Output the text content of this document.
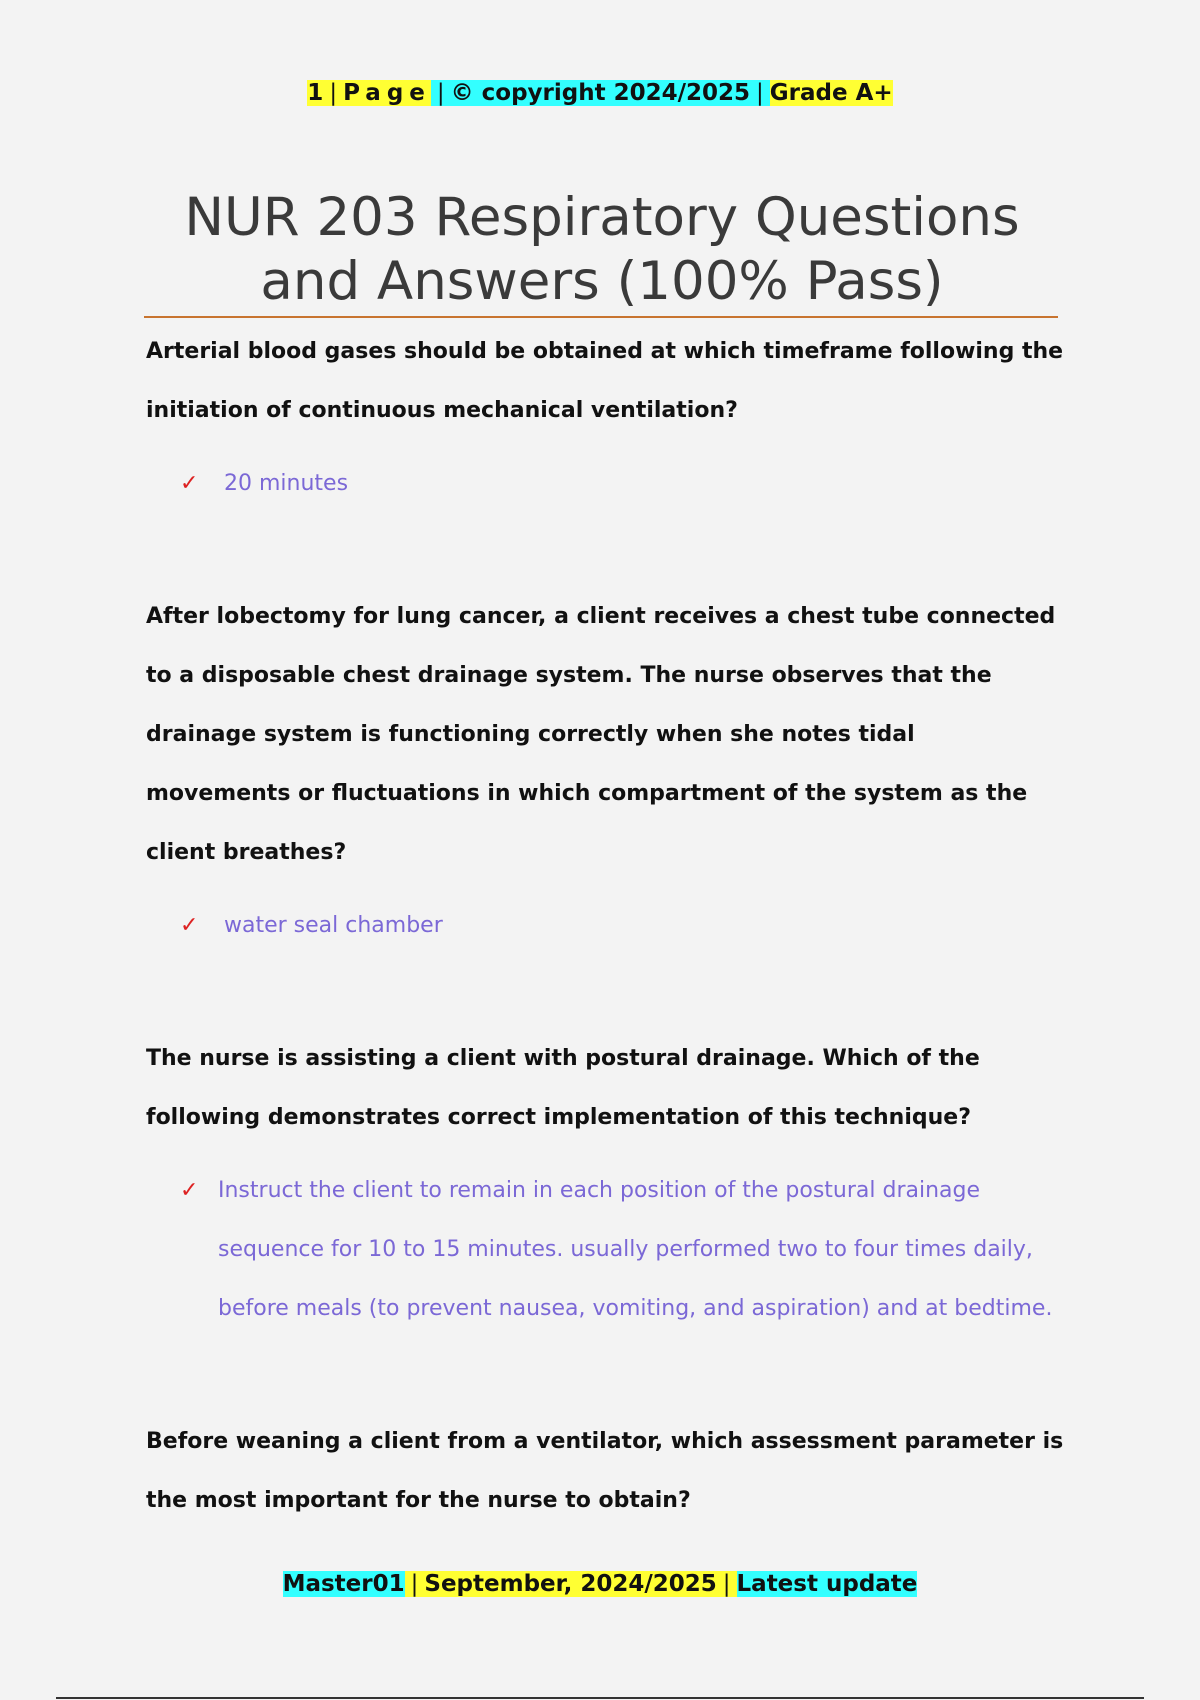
1 | Page | © copyright 2024/2025 | Grade A+
NUR 203 Respiratory Questions and Answers (100% Pass)

Arterial blood gases should be obtained at which timeframe following the initiation of continuous mechanical ventilation?

✓ 20 minutes

After lobectomy for lung cancer, a client receives a chest tube connected to a disposable chest drainage system. The nurse observes that the drainage system is functioning correctly when she notes tidal movements or fluctuations in which compartment of the system as the client breathes?

✓ water seal chamber

The nurse is assisting a client with postural drainage. Which of the following demonstrates correct implementation of this technique?

✓ Instruct the client to remain in each position of the postural drainage sequence for 10 to 15 minutes. usually performed two to four times daily, before meals (to prevent nausea, vomiting, and aspiration) and at bedtime.

Before weaning a client from a ventilator, which assessment parameter is the most important for the nurse to obtain?

Master01 | September, 2024/2025 | Latest update
